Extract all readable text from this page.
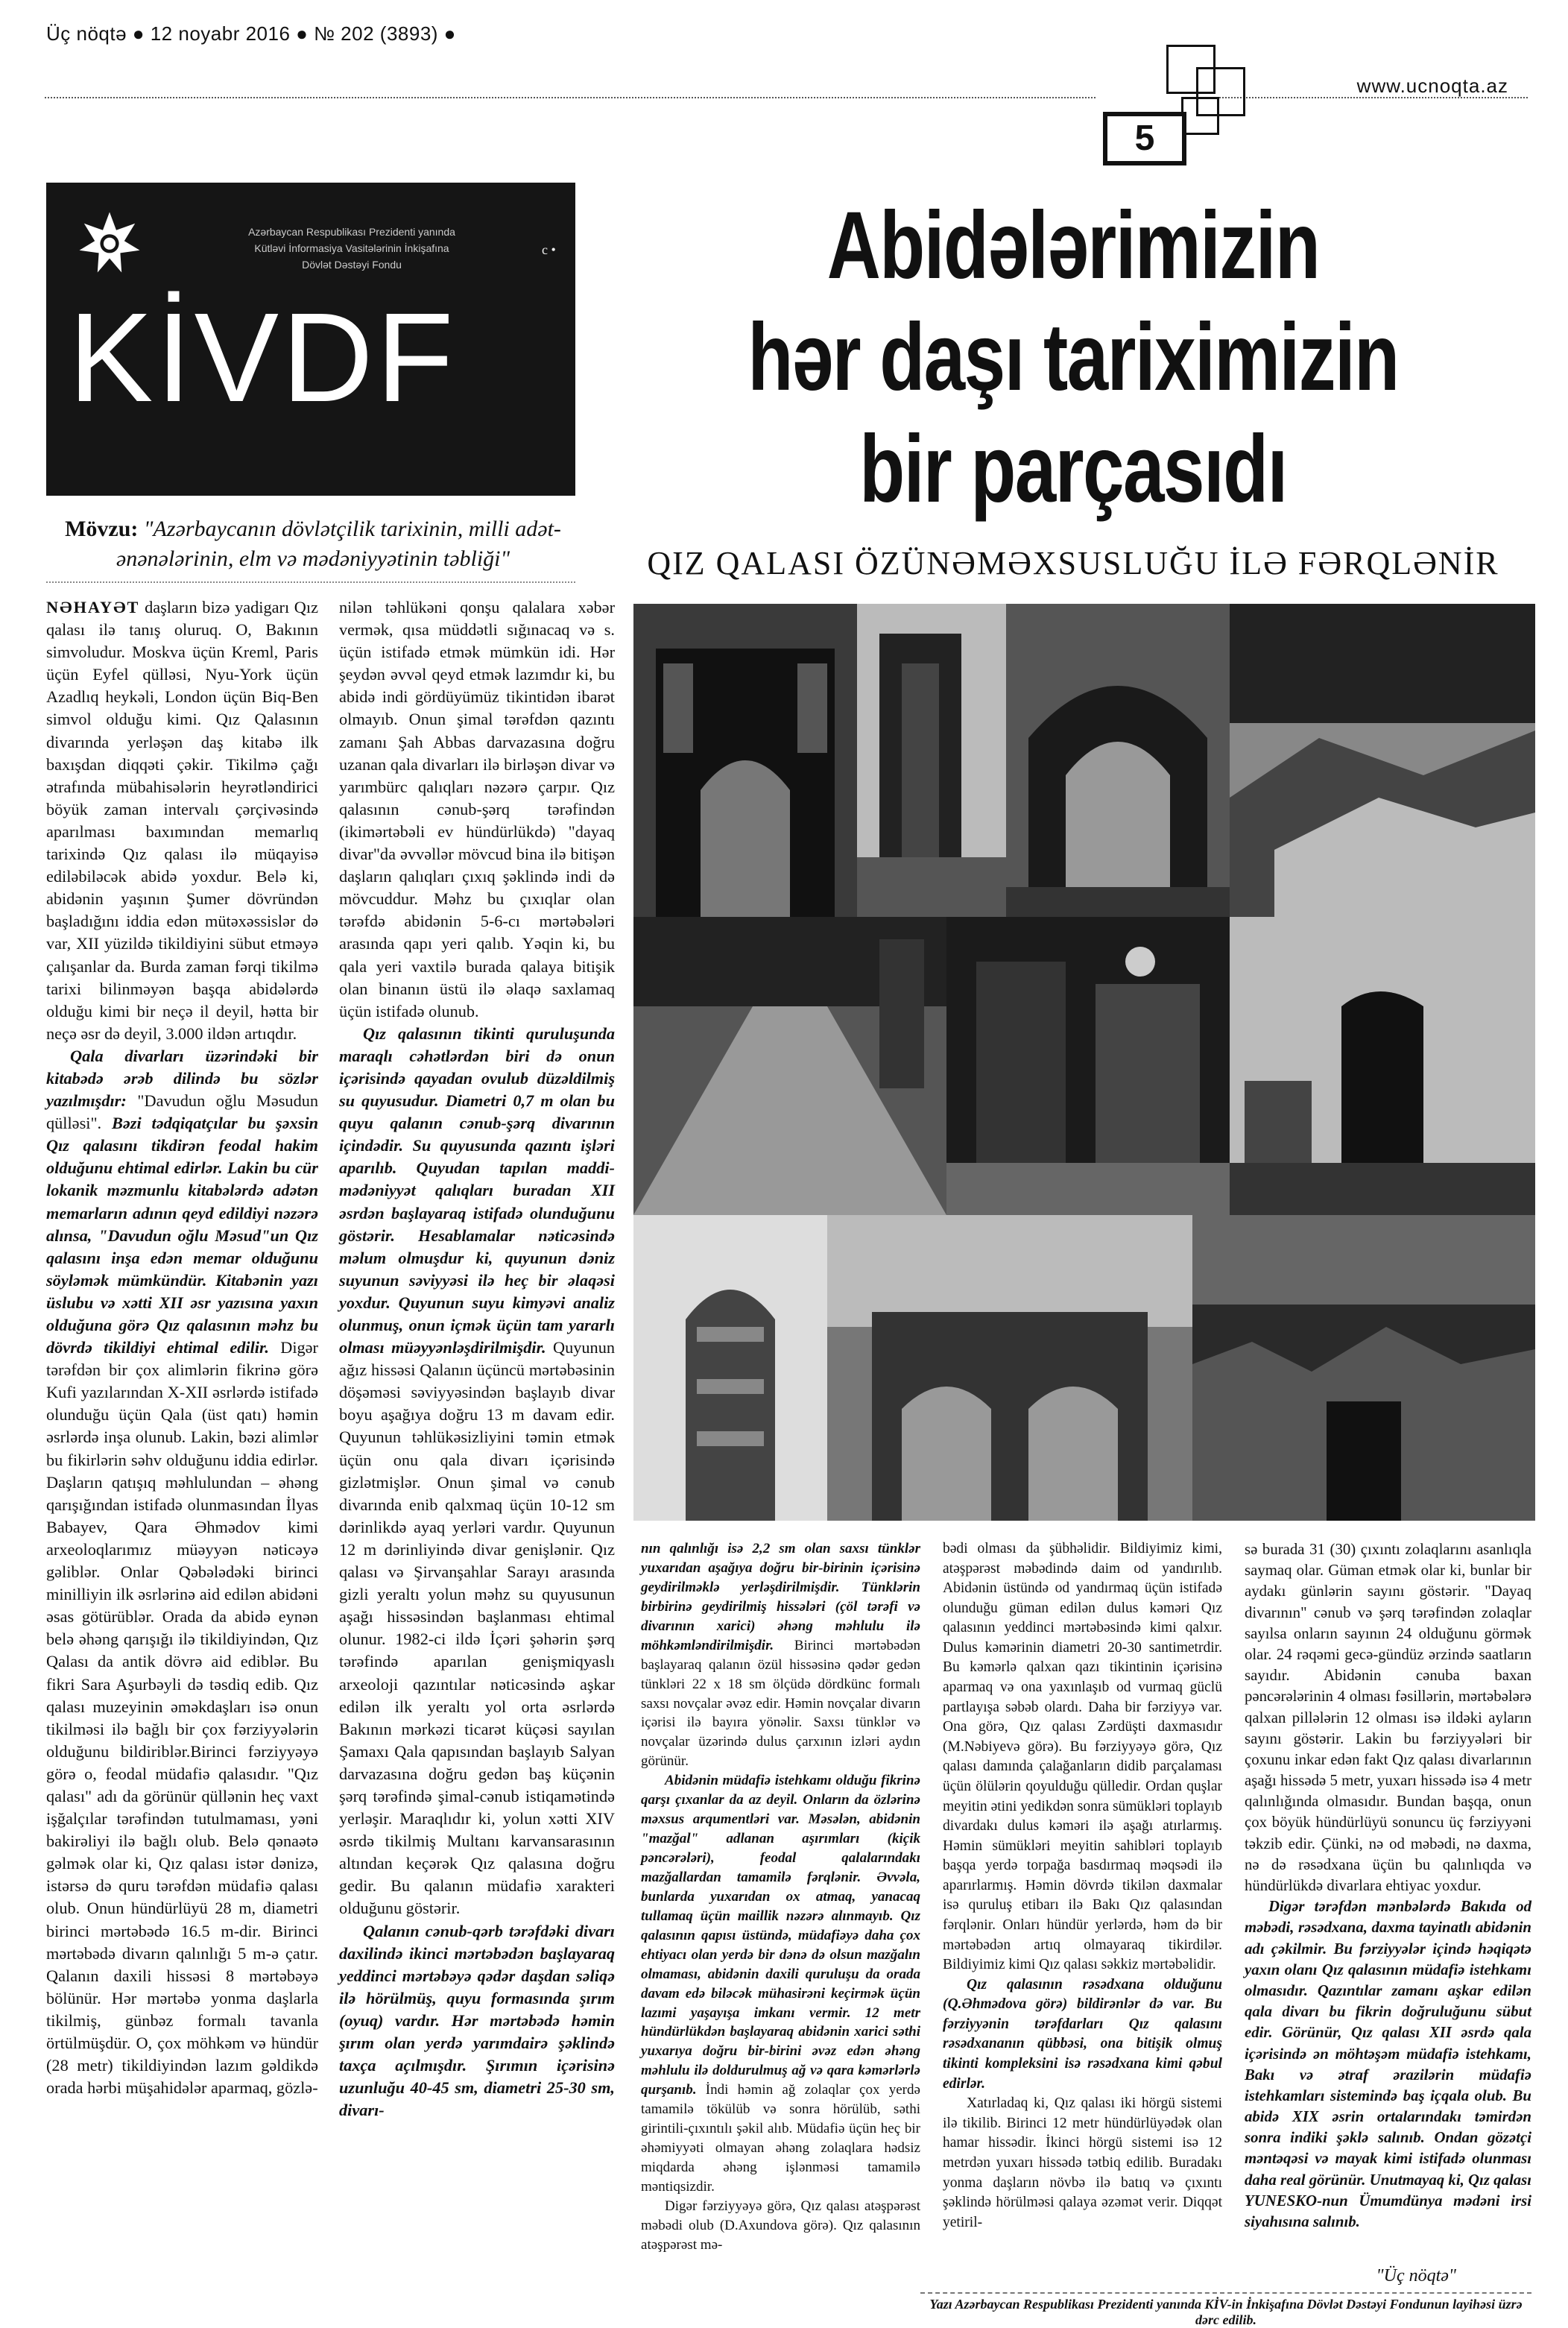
Üç nöqtə ● 12 noyabr 2016 ● № 202 (3893) ●
www.ucnoqta.az
5
Azərbaycan Respublikası Prezidenti yanında
Kütləvi İnformasiya Vasitələrinin İnkişafına
Dövlət Dəstəyi Fondu
c •
KİVDF
Mövzu: "Azərbaycanın dövlətçilik tarixinin, milli adət-ənənələrinin, elm və mədəniyyətinin təbliği"
Abidələrimizin
hər daşı tariximizin
bir parçasıdı
QIZ QALASI ÖZÜNƏMƏXSUSLUĞU İLƏ FƏRQLƏNİR

NƏHAYƏT daşların bizə yadigarı Qız qalası ilə tanış oluruq. O, Bakının simvoludur. Moskva üçün Kreml, Paris üçün Eyfel qülləsi, Nyu-York üçün Azadlıq heykəli, London üçün Biq-Ben simvol olduğu kimi. Qız Qalasının divarında yerləşən daş kitabə ilk baxışdan diqqəti çəkir. Tikilmə çağı ətrafında mübahisələrin heyrətləndirici böyük zaman intervalı çərçivəsində aparılması baxımından memarlıq tarixində Qız qalası ilə müqayisə ediləbiləcək abidə yoxdur. Belə ki, abidənin yaşının Şumer dövründən başladığını iddia edən mütəxəssislər də var, XII yüzildə tikildiyini sübut etməyə çalışanlar da. Burda zaman fərqi tikilmə tarixi bilinməyən başqa abidələrdə olduğu kimi bir neçə il deyil, hətta bir neçə əsr də deyil, 3.000 ildən artıqdır.

Qala divarları üzərindəki bir kitabədə ərəb dilində bu sözlər yazılmışdır: "Davudun oğlu Məsudun qülləsi". Bəzi tədqiqatçılar bu şəxsin Qız qalasını tikdirən feodal hakim olduğunu ehtimal edirlər. Lakin bu cür lokanik məzmunlu kitabələrdə adətən memarların adının qeyd edildiyi nəzərə alınsa, "Davudun oğlu Məsud"un Qız qalasını inşa edən memar olduğunu söyləmək mümkündür. Kitabənin yazı üslubu və xətti XII əsr yazısına yaxın olduğuna görə Qız qalasının məhz bu dövrdə tikildiyi ehtimal edilir. Digər tərəfdən bir çox alimlərin fikrinə görə Kufi yazılarından X-XII əsrlərdə istifadə olunduğu üçün Qala (üst qatı) həmin əsrlərdə inşa olunub. Lakin, bəzi alimlər bu fikirlərin səhv olduğunu iddia edirlər. Daşların qatışıq məhlulundan – əhəng qarışığından istifadə olunmasından İlyas Babayev, Qara Əhmədov kimi arxeoloqlarımız müəyyən nəticəyə gəliblər. Onlar Qəbələdəki birinci minilliyin ilk əsrlərinə aid edilən abidəni əsas götürüblər. Orada da abidə eynən belə əhəng qarışığı ilə tikildiyindən, Qız Qalası da antik dövrə aid ediblər. Bu fikri Sara Aşurbəyli də təsdiq edib. Qız qalası muzeyinin əməkdaşları isə onun tikilməsi ilə bağlı bir çox fərziyyələrin olduğunu bildiriblər.Birinci fərziyyəyə görə o, feodal müdafiə qalasıdır. "Qız qalası" adı da görünür qüllənin heç vaxt işğalçılar tərəfindən tutulmaması, yəni bakirəliyi ilə bağlı olub. Belə qənaətə gəlmək olar ki, Qız qalası istər dənizə, istərsə də quru tərəfdən müdafiə qalası olub. Onun hündürlüyü 28 m, diametri birinci mərtəbədə 16.5 m-dir. Birinci mərtəbədə divarın qalınlığı 5 m-ə çatır. Qalanın daxili hissəsi 8 mərtəbəyə bölünür. Hər mərtəbə yonma daşlarla tikilmiş, günbəz formalı tavanla örtülmüşdür. O, çox möhkəm və hündür (28 metr) tikildiyindən lazım gəldikdə orada hərbi müşahidələr aparmaq, gözlə-

nilən təhlükəni qonşu qalalara xəbər vermək, qısa müddətli sığınacaq və s. üçün istifadə etmək mümkün idi. Hər şeydən əvvəl qeyd etmək lazımdır ki, bu abidə indi gördüyümüz tikintidən ibarət olmayıb. Onun şimal tərəfdən qazıntı zamanı Şah Abbas darvazasına doğru uzanan qala divarları ilə birləşən divar və yarımbürc qalıqları nəzərə çarpır. Qız qalasının cənub-şərq tərəfindən (ikimərtəbəli ev hündürlükdə) "dayaq divar"da əvvəllər mövcud bina ilə bitişən daşların qalıqları çıxıq şəklində indi də mövcuddur. Məhz bu çıxıqlar olan tərəfdə abidənin 5-6-cı mərtəbələri arasında qapı yeri qalıb. Yəqin ki, bu qala yeri vaxtilə burada qalaya bitişik olan binanın üstü ilə əlaqə saxlamaq üçün istifadə olunub.

Qız qalasının tikinti quruluşunda maraqlı cəhətlərdən biri də onun içərisində qayadan ovulub düzəldilmiş su quyusudur. Diametri 0,7 m olan bu quyu qalanın cənub-şərq divarının içindədir. Su quyusunda qazıntı işləri aparılıb. Quyudan tapılan maddi-mədəniyyət qalıqları buradan XII əsrdən başlayaraq istifadə olunduğunu göstərir. Hesablamalar nəticəsində məlum olmuşdur ki, quyunun dəniz suyunun səviyyəsi ilə heç bir əlaqəsi yoxdur. Quyunun suyu kimyəvi analiz olunmuş, onun içmək üçün tam yararlı olması müəyyənləşdirilmişdir. Quyunun ağız hissəsi Qalanın üçüncü mərtəbəsinin döşəməsi səviyyəsindən başlayıb divar boyu aşağıya doğru 13 m davam edir. Quyunun təhlükəsizliyini təmin etmək üçün onu qala divarı içərisində gizlətmişlər. Onun şimal və cənub divarında enib qalxmaq üçün 10-12 sm dərinlikdə ayaq yerləri vardır. Quyunun 12 m dərinliyində divar genişlənir. Qız qalası və Şirvanşahlar Sarayı arasında gizli yeraltı yolun məhz su quyusunun aşağı hissəsindən başlanması ehtimal olunur. 1982-ci ildə İçəri şəhərin şərq tərəfində aparılan genişmiqyaslı arxeoloji qazıntılar nəticəsində aşkar edilən ilk yeraltı yol orta əsrlərdə Bakının mərkəzi ticarət küçəsi sayılan Şamaxı Qala qapısından başlayıb Salyan darvazasına doğru gedən baş küçənin şərq tərəfində şimal-cənub istiqamətində yerləşir. Maraqlıdır ki, yolun xətti XIV əsrdə tikilmiş Multanı karvansarasının altından keçərək Qız qalasına doğru gedir. Bu qalanın müdafiə xarakteri olduğunu göstərir.

Qalanın cənub-qərb tərəfdəki divarı daxilində ikinci mərtəbədən başlayaraq yeddinci mərtəbəyə qədər daşdan səliqə ilə hörülmüş, quyu formasında şırım (oyuq) vardır. Hər mərtəbədə həmin şırım olan yerdə yarımdairə şəklində taxça açılmışdır. Şırımın içərisinə uzunluğu 40-45 sm, diametri 25-30 sm, divarı-

nın qalınlığı isə 2,2 sm olan saxsı tünklər yuxarıdan aşağıya doğru bir-birinin içərisinə geydirilməklə yerləşdirilmişdir. Tünklərin birbirinə geydirilmiş hissələri (çöl tərəfi və divarının xarici) əhəng məhlulu ilə möhkəmləndirilmişdir. Birinci mərtəbədən başlayaraq qalanın özül hissəsinə qədər gedən tünkləri 22 x 18 sm ölçüdə dördkünc formalı saxsı novçalar əvəz edir. Həmin novçalar divarın içərisi ilə bayıra yönəlir. Saxsı tünklər və novçalar üzərində dulus çarxının izləri aydın görünür.

Abidənin müdafiə istehkamı olduğu fikrinə qarşı çıxanlar da az deyil. Onların da özlərinə məxsus arqumentləri var. Məsələn, abidənin "mazğal" adlanan aşırımları (kiçik pəncərələri), feodal qalalarındakı mazğallardan tamamilə fərqlənir. Əvvəla, bunlarda yuxarıdan ox atmaq, yanacaq tullamaq üçün maillik nəzərə alınmayıb. Qız qalasının qapısı üstündə, müdafiəyə daha çox ehtiyacı olan yerdə bir dənə də olsun mazğalın olmaması, abidənin daxili quruluşu da orada davam edə biləcək mühasirəni keçirmək üçün lazımi yaşayışa imkanı vermir. 12 metr hündürlükdən başlayaraq abidənin xarici səthi yuxarıya doğru bir-birini əvəz edən əhəng məhlulu ilə doldurulmuş ağ və qara kəmərlərlə qurşanıb. İndi həmin ağ zolaqlar çox yerdə tamamilə tökülüb və sonra hörülüb, səthi girintili-çıxıntılı şəkil alıb. Müdafiə üçün heç bir əhəmiyyəti olmayan əhəng zolaqlara hədsiz miqdarda əhəng işlənməsi tamamilə məntiqsizdir.

Digər fərziyyəyə görə, Qız qalası atəşpərəst məbədi olub (D.Axundova görə). Qız qalasının atəşpərəst mə-

bədi olması da şübhəlidir. Bildiyimiz kimi, atəşpərəst məbədində daim od yandırılıb. Abidənin üstündə od yandırmaq üçün istifadə olunduğu güman edilən dulus kəməri Qız qalasının yeddinci mərtəbəsində kimi qalxır. Dulus kəmərinin diametri 20-30 santimetrdir. Bu kəmərlə qalxan qazı tikintinin içərisinə aparmaq və ona yaxınlaşıb od vurmaq güclü partlayışa səbəb olardı. Daha bir fərziyyə var. Ona görə, Qız qalası Zərdüşti daxmasıdır (M.Nəbiyevə görə). Bu fərziyyəyə görə, Qız qalası damında çalağanların didib parçalaması üçün ölülərin qoyulduğu qülledir. Ordan quşlar meyitin ətini yedikdən sonra sümükləri toplayıb divardakı dulus kəməri ilə aşağı atırlarmış. Həmin sümükləri meyitin sahibləri toplayıb başqa yerdə torpağa basdırmaq məqsədi ilə aparırlarmış. Həmin dövrdə tikilən daxmalar isə quruluş etibarı ilə Bakı Qız qalasından fərqlənir. Onları hündür yerlərdə, həm də bir mərtəbədən artıq olmayaraq tikirdilər. Bildiyimiz kimi Qız qalası səkkiz mərtəbəlidir.

Qız qalasının rəsədxana olduğunu (Q.Əhmədova görə) bildirənlər də var. Bu fərziyyənin tərəfdarları Qız qalasını rəsədxananın qübbəsi, ona bitişik olmuş tikinti kompleksini isə rəsədxana kimi qəbul edirlər.

Xatırladaq ki, Qız qalası iki hörgü sistemi ilə tikilib. Birinci 12 metr hündürlüyədək olan hamar hissədir. İkinci hörgü sistemi isə 12 metrdən yuxarı hissədə tətbiq edilib. Buradakı yonma daşların növbə ilə batıq və çıxıntı şəklində hörülməsi qalaya əzəmət verir. Diqqət yetiril-

sə burada 31 (30) çıxıntı zolaqlarını asanlıqla saymaq olar. Güman etmək olar ki, bunlar bir aydakı günlərin sayını göstərir. "Dayaq divarının" cənub və şərq tərəfindən zolaqlar sayılsa onların sayının 24 olduğunu görmək olar. 24 rəqəmi gecə-gündüz ərzində saatların sayıdır. Abidənin cənuba baxan pəncərələrinin 4 olması fəsillərin, mərtəbələrə qalxan pillələrin 12 olması isə ildəki ayların sayını göstərir. Lakin bu fərziyyələri bir çoxunu inkar edən fakt Qız qalası divarlarının aşağı hissədə 5 metr, yuxarı hissədə isə 4 metr qalınlığında olmasıdır. Bundan başqa, onun çox böyük hündürlüyü sonuncu üç fərziyyəni təkzib edir. Çünki, nə od məbədi, nə daxma, nə də rəsədxana üçün bu qalınlıqda və hündürlükdə divarlara ehtiyac yoxdur.

Digər tərəfdən mənbələrdə Bakıda od məbədi, rəsədxana, daxma tayinatlı abidənin adı çəkilmir. Bu fərziyyələr içində həqiqətə yaxın olanı Qız qalasının müdafiə istehkamı olmasıdır. Qazıntılar zamanı aşkar edilən qala divarı bu fikrin doğruluğunu sübut edir. Görünür, Qız qalası XII əsrdə qala içərisində ən möhtəşəm müdafiə istehkamı, Bakı və ətraf ərazilərin müdafiə istehkamları sistemində baş içqala olub. Bu abidə XIX əsrin ortalarındakı təmirdən sonra indiki şəklə salınıb. Ondan gözətçi məntəqəsi və mayak kimi istifadə olunması daha real görünür. Unutmayaq ki, Qız qalası YUNESKO-nun Ümumdünya mədəni irsi siyahısına salınıb.

"Üç nöqtə"
Yazı Azərbaycan Respublikası Prezidenti yanında KİV-in İnkişafına Dövlət Dəstəyi Fondunun layihəsi üzrə dərc edilib.
